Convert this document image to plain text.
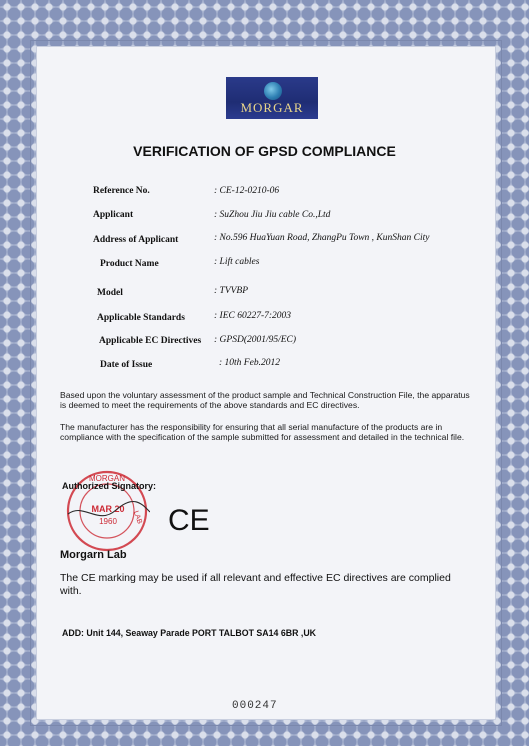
MORGAR
VERIFICATION OF GPSD COMPLIANCE
Reference No.	: CE-12-0210-06
Applicant	: SuZhou Jiu Jiu cable Co.,Ltd
Address of Applicant	: No.596 HuaYuan Road, ZhangPu Town , KunShan City
Product Name	: Lift cables
Model	: TVVBP
Applicable Standards	: IEC 60227-7:2003
Applicable EC Directives : GPSD(2001/95/EC)
Date of Issue	: 10th Feb.2012
Based upon the voluntary assessment of the product sample and Technical Construction File, the apparatus is deemed to meet the requirements of the above standards and EC directives.
The manufacturer has the responsibility for ensuring that all serial manufacture of the products are in compliance with the specification of the sample submitted for assessment and detailed in the technical file.
MORGAN
LAB
MAR 20
1960
Authorized Signatory:
CE
Morgarn Lab
The CE marking may be used if all relevant and effective EC directives are complied with.
ADD: Unit 144, Seaway Parade PORT TALBOT SA14 6BR ,UK
000247
